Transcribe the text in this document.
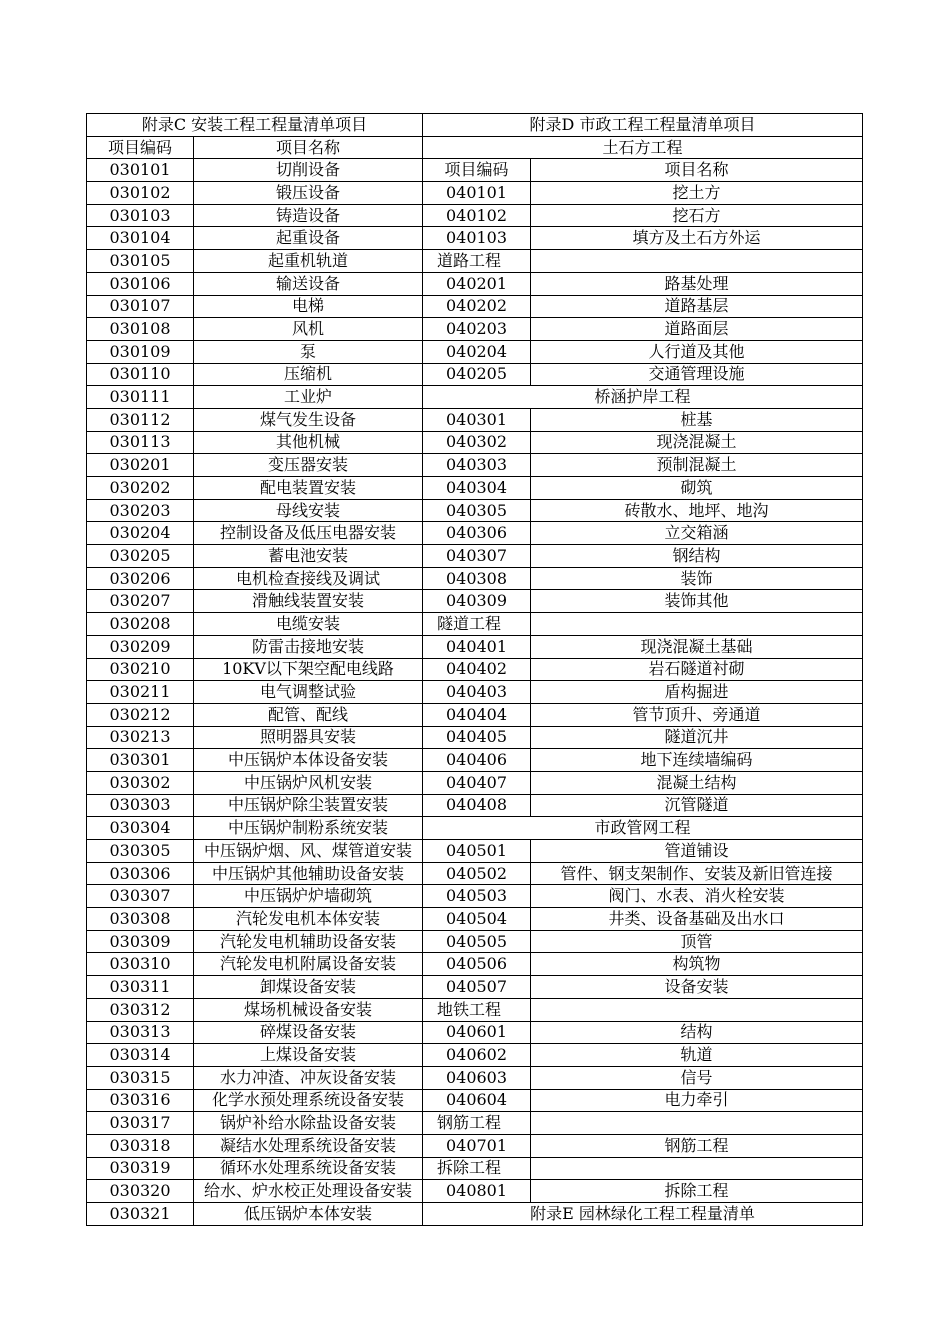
附录C 安装工程工程量清单项目		附录D 市政工程工程量清单项目	
项目编码	项目名称	土石方工程	
030101	切削设备	项目编码	项目名称
030102	锻压设备	040101	挖土方
030103	铸造设备	040102	挖石方
030104	起重设备	040103	填方及土石方外运
030105	起重机轨道	道路工程	
030106	输送设备	040201	路基处理
030107	电梯	040202	道路基层
030108	风机	040203	道路面层
030109	泵	040204	人行道及其他
030110	压缩机	040205	交通管理设施
030111	工业炉	桥涵护岸工程	
030112	煤气发生设备	040301	桩基
030113	其他机械	040302	现浇混凝土
030201	变压器安装	040303	预制混凝土
030202	配电装置安装	040304	砌筑
030203	母线安装	040305	砖散水、地坪、地沟
030204	控制设备及低压电器安装	040306	立交箱涵
030205	蓄电池安装	040307	钢结构
030206	电机检查接线及调试	040308	装饰
030207	滑触线装置安装	040309	装饰其他
030208	电缆安装	隧道工程	
030209	防雷击接地安装	040401	现浇混凝土基础
030210	10KV以下架空配电线路	040402	岩石隧道衬砌
030211	电气调整试验	040403	盾构掘进
030212	配管、配线	040404	管节顶升、旁通道
030213	照明器具安装	040405	隧道沉井
030301	中压锅炉本体设备安装	040406	地下连续墙编码
030302	中压锅炉风机安装	040407	混凝土结构
030303	中压锅炉除尘装置安装	040408	沉管隧道
030304	中压锅炉制粉系统安装	市政管网工程	
030305	中压锅炉烟、风、煤管道安装	040501	管道铺设
030306	中压锅炉其他辅助设备安装	040502	管件、钢支架制作、安装及新旧管连接
030307	中压锅炉炉墙砌筑	040503	阀门、水表、消火栓安装
030308	汽轮发电机本体安装	040504	井类、设备基础及出水口
030309	汽轮发电机辅助设备安装	040505	顶管
030310	汽轮发电机附属设备安装	040506	构筑物
030311	卸煤设备安装	040507	设备安装
030312	煤场机械设备安装	地铁工程	
030313	碎煤设备安装	040601	结构
030314	上煤设备安装	040602	轨道
030315	水力冲渣、冲灰设备安装	040603	信号
030316	化学水预处理系统设备安装	040604	电力牵引
030317	锅炉补给水除盐设备安装	钢筋工程	
030318	凝结水处理系统设备安装	040701	钢筋工程
030319	循环水处理系统设备安装	拆除工程	
030320	给水、炉水校正处理设备安装	040801	拆除工程
030321	低压锅炉本体安装	附录E 园林绿化工程工程量清单	
